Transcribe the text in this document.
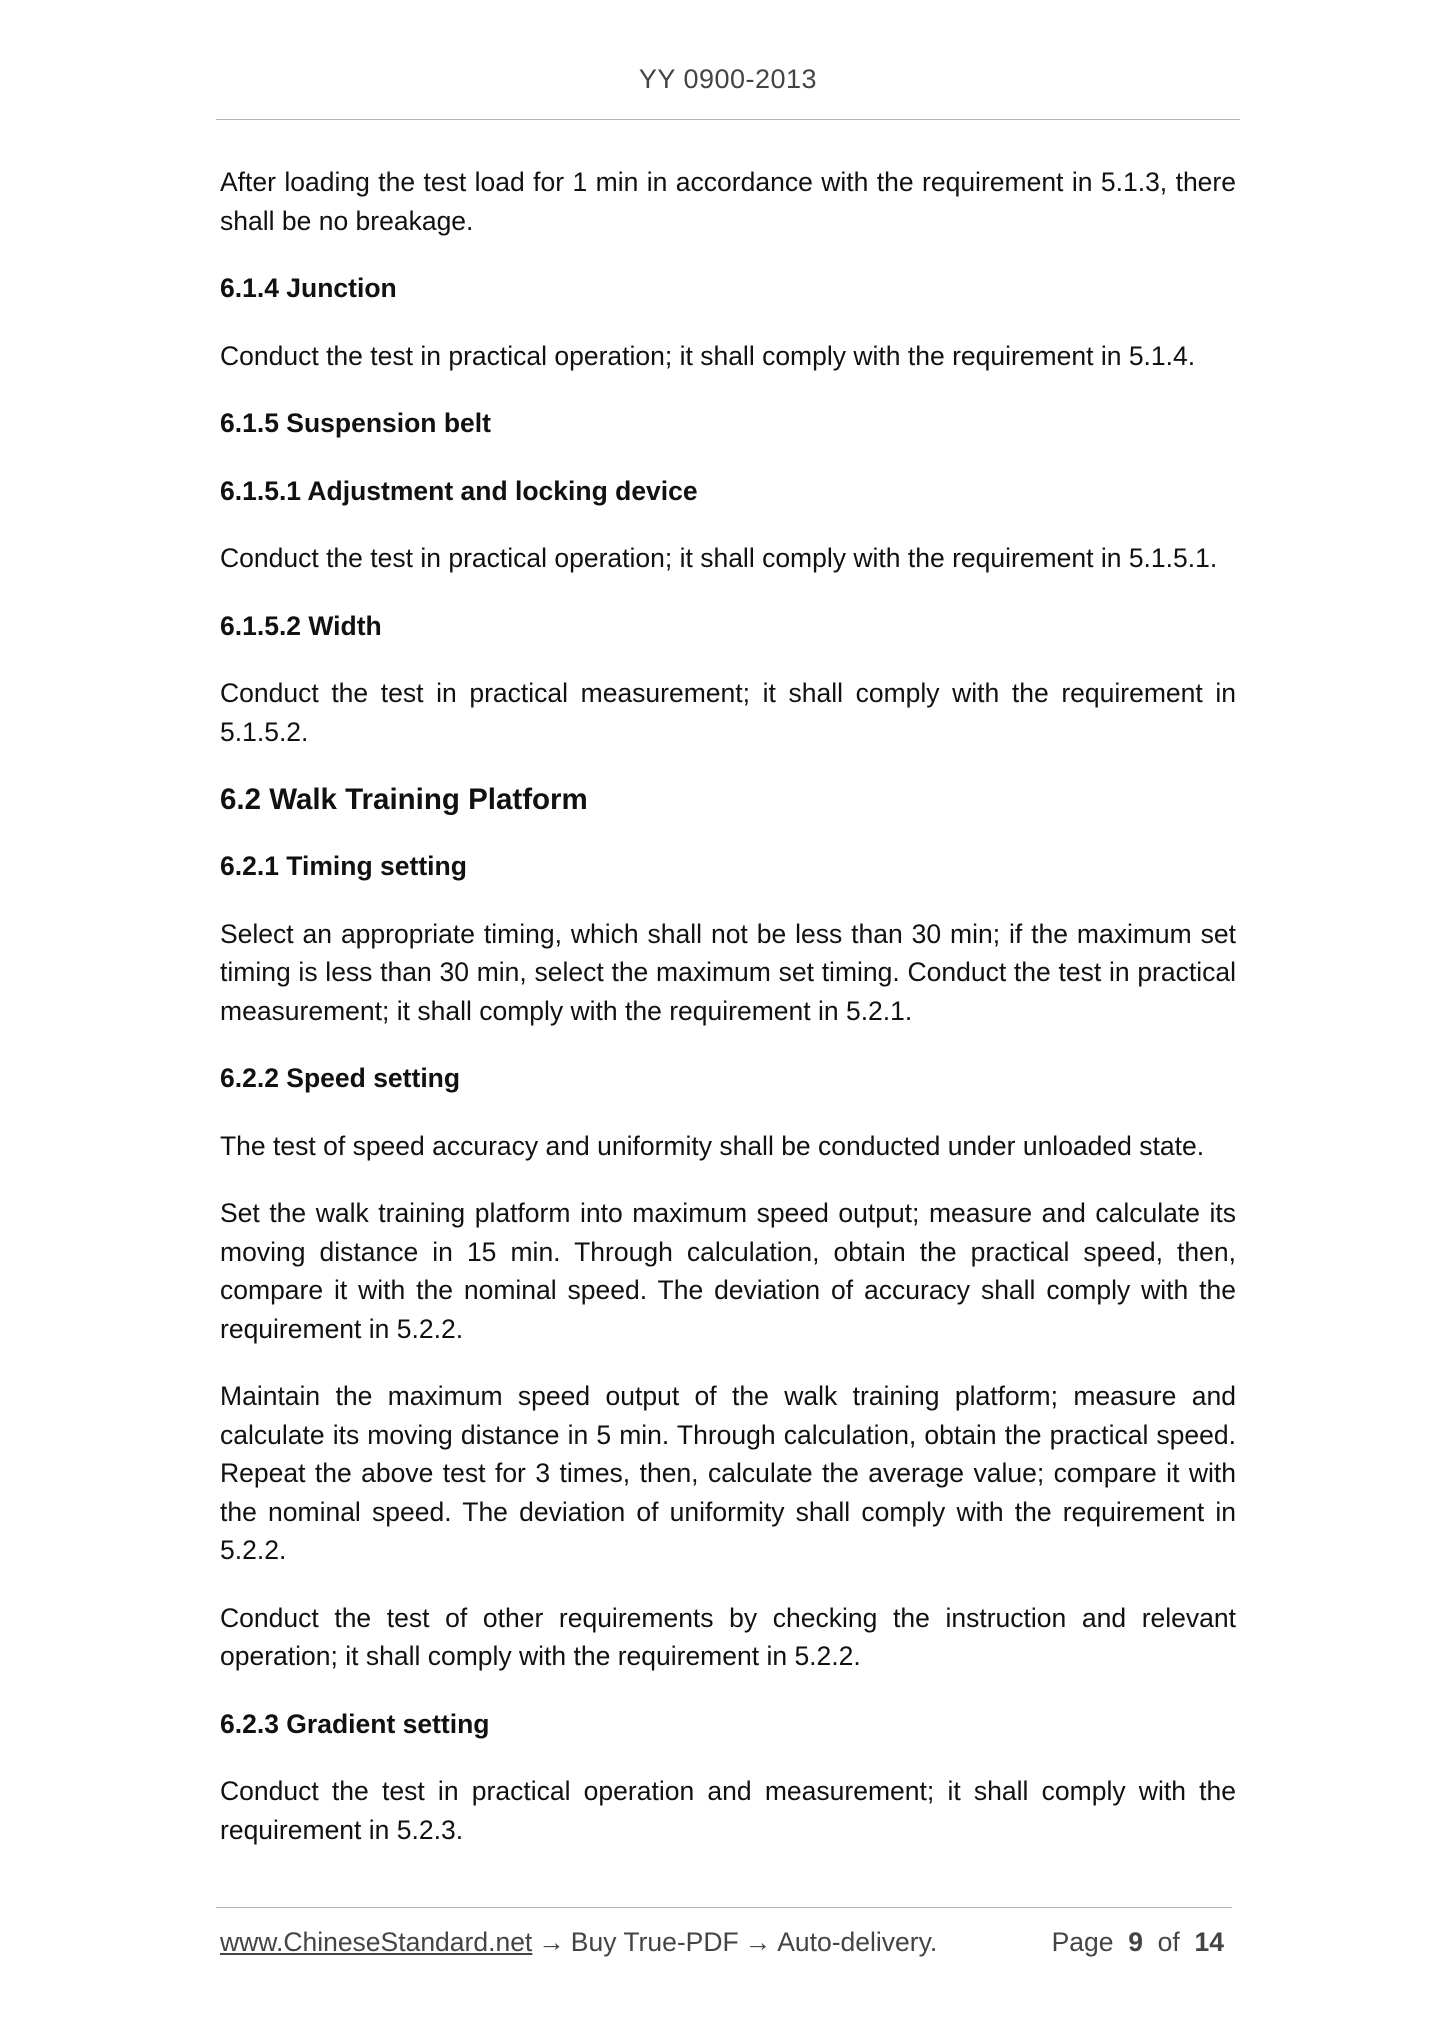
YY 0900-2013
After loading the test load for 1 min in accordance with the requirement in 5.1.3, there shall be no breakage.
6.1.4 Junction
Conduct the test in practical operation; it shall comply with the requirement in 5.1.4.
6.1.5 Suspension belt
6.1.5.1 Adjustment and locking device
Conduct the test in practical operation; it shall comply with the requirement in 5.1.5.1.
6.1.5.2 Width
Conduct the test in practical measurement; it shall comply with the requirement in 5.1.5.2.
6.2 Walk Training Platform
6.2.1 Timing setting
Select an appropriate timing, which shall not be less than 30 min; if the maximum set timing is less than 30 min, select the maximum set timing. Conduct the test in practical measurement; it shall comply with the requirement in 5.2.1.
6.2.2 Speed setting
The test of speed accuracy and uniformity shall be conducted under unloaded state.
Set the walk training platform into maximum speed output; measure and calculate its moving distance in 15 min. Through calculation, obtain the practical speed, then, compare it with the nominal speed. The deviation of accuracy shall comply with the requirement in 5.2.2.
Maintain the maximum speed output of the walk training platform; measure and calculate its moving distance in 5 min. Through calculation, obtain the practical speed. Repeat the above test for 3 times, then, calculate the average value; compare it with the nominal speed. The deviation of uniformity shall comply with the requirement in 5.2.2.
Conduct the test of other requirements by checking the instruction and relevant operation; it shall comply with the requirement in 5.2.2.
6.2.3 Gradient setting
Conduct the test in practical operation and measurement; it shall comply with the requirement in 5.2.3.
www.ChineseStandard.net → Buy True-PDF → Auto-delivery.	Page 9 of 14
